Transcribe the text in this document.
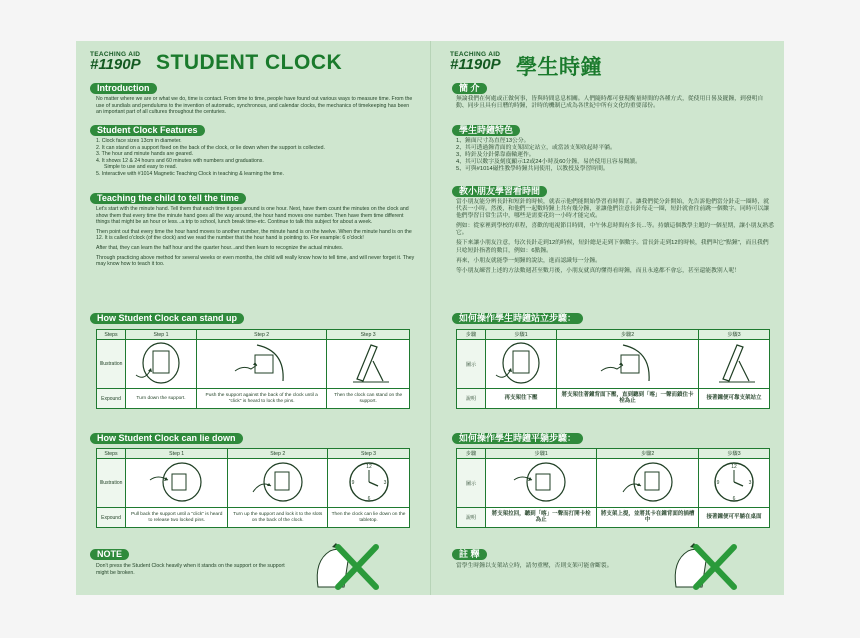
TEACHING AID
#1190P STUDENT CLOCK
Introduction
No matter where we are or what we do, time is contact. From time to time, people have found out various ways to measure time. From the use of sundials and pendulums to the invention of automatic, synchronous, and calendar clocks, the mechanics of timekeeping has been an important part of all cultures throughout the centuries.
Student Clock Features
1. Clock face sizes 13cm in diameter.
2. It can stand on a support fixed on the back of the clock, or lie down when the support is collected.
3. The hour and minute hands are geared.
4. It shows 12 & 24 hours and 60 minutes with numbers and graduations.
Simple to use and easy to read.
5. Interactive with #1014 Magnetic Teaching Clock in teaching & learning the time.
Teaching the child to tell the time

Let's start with the minute hand. Tell them that each time it goes around is one hour. Next, have them count the minutes on the clock and show them that every time the minute hand goes all the way around, the hour hand moves one number. Then have them time different things that might be an hour or less...a trip to school, lunch break time-etc. Continue to talk this subject for about a week.

Then point out that every time the hour hand moves to another number, the minute hand is on the twelve. When the minute hand is on the 12. It is called o'clock (of the clock) and we read the number that the hour hand is pointing to. For example: 6 o'clock!

After that, they can learn the half hour and the quarter hour...and then learn to recognize the actual minutes.

Through practicing above method for several weeks or even months, the child will really know how to tell time, and will never forget it. They may know how to teach it too.

How Student Clock can stand up
Steps	Step 1	Step 2	Step 3
Illustration			
Expound	Turn down the support.	Push the support against the back of the clock until a "click" is heard to lock the pins.	Then the clock can stand on the support.
How Student Clock can lie down
Steps	Step 1	Step 2	Step 3
Illustration			12
3
6
9

Expound	Pull back the support until a "click" is heard to release two locked pins.	Turn up the support and lock it to the slots on the back of the clock.	Then the clock can lie down on the tabletop.
NOTE
Don't press the Student Clock heavily when it stands on the support or the support might be broken.
TEACHING AID
#1190P 學生時鐘
簡 介
無論我們在何處或正做何事，皆與時間息息相關。人們隨時都可發現衡量時間的各種方式，從使用日晷及擺鐘，到發明自動、同步且具有日曆的時鐘，計時的機制已成為各世紀中所有文化的重要部份。
學生時鐘特色
1、鐘面尺寸為直徑13公分。
2、其可透過鐘背面的支架固定站立，或當該支架收起時平躺。
3、時針及分針係靠齒輪運作。
4、其可以數字及刻度顯示12或24小時及60分鐘，易於使用且容易閱讀。
5、可與#1014磁性教學時鐘共同使用，以教授及學習時間。
教小朋友學習看時間

當小朋友能分辨長針和短針的時候，就表示他們能開始學習看時間了。讓我們從分針開始，先告訴他們當分針走一圈時，就代表一小時。然後，和他們一起數時鐘上共有幾分鐘，並讓他們注意長針每走一圈，短針就會往前跳一個數字。同時可以讓他們學習日常生活中，哪些是需要花約一小時才能完成。

例如：從家裡到學校的車程，喜歡的電視節目時間，中午休息時間有多長...等。持續這個教學主題約一個星期，讓小朋友熟悉它。

接下來讓小朋友注意，每次長針走到12的時候，短針總是走到下個數字。當長針走到12的時候，我們叫它"點鐘"，而且我們只唸短針指著的數目，例如：6點鐘。

再來，小朋友就能學一刻鐘的說法，進而認識每一分鐘。

等小朋友練習上述的方法數週甚至數月後，小朋友就真的懂得看時鐘，而且永遠都不會忘，甚至還能教別人呢！

如何操作學生時鐘站立步驟：
步驟	步驟1	步驟2	步驟3
圖示			
說明	再支架往下壓	將支架往著鐘背面下壓，直到聽到「喀」一聲而鎖住卡栓為止	接著鐘便可靠支架站立
如何操作學生時鐘平躺步驟：
步驟	步驟1	步驟2	步驟3
圖示			12
3
6
9

說明	將支架拉回，聽到「喀」一聲而打開卡栓為止	將支架上提，並將其卡在鐘背面的插槽中	接著鐘便可平躺在桌面
註 釋
當學生時鐘以支架站立時，請勿重壓，否則支架可能會斷裂。
